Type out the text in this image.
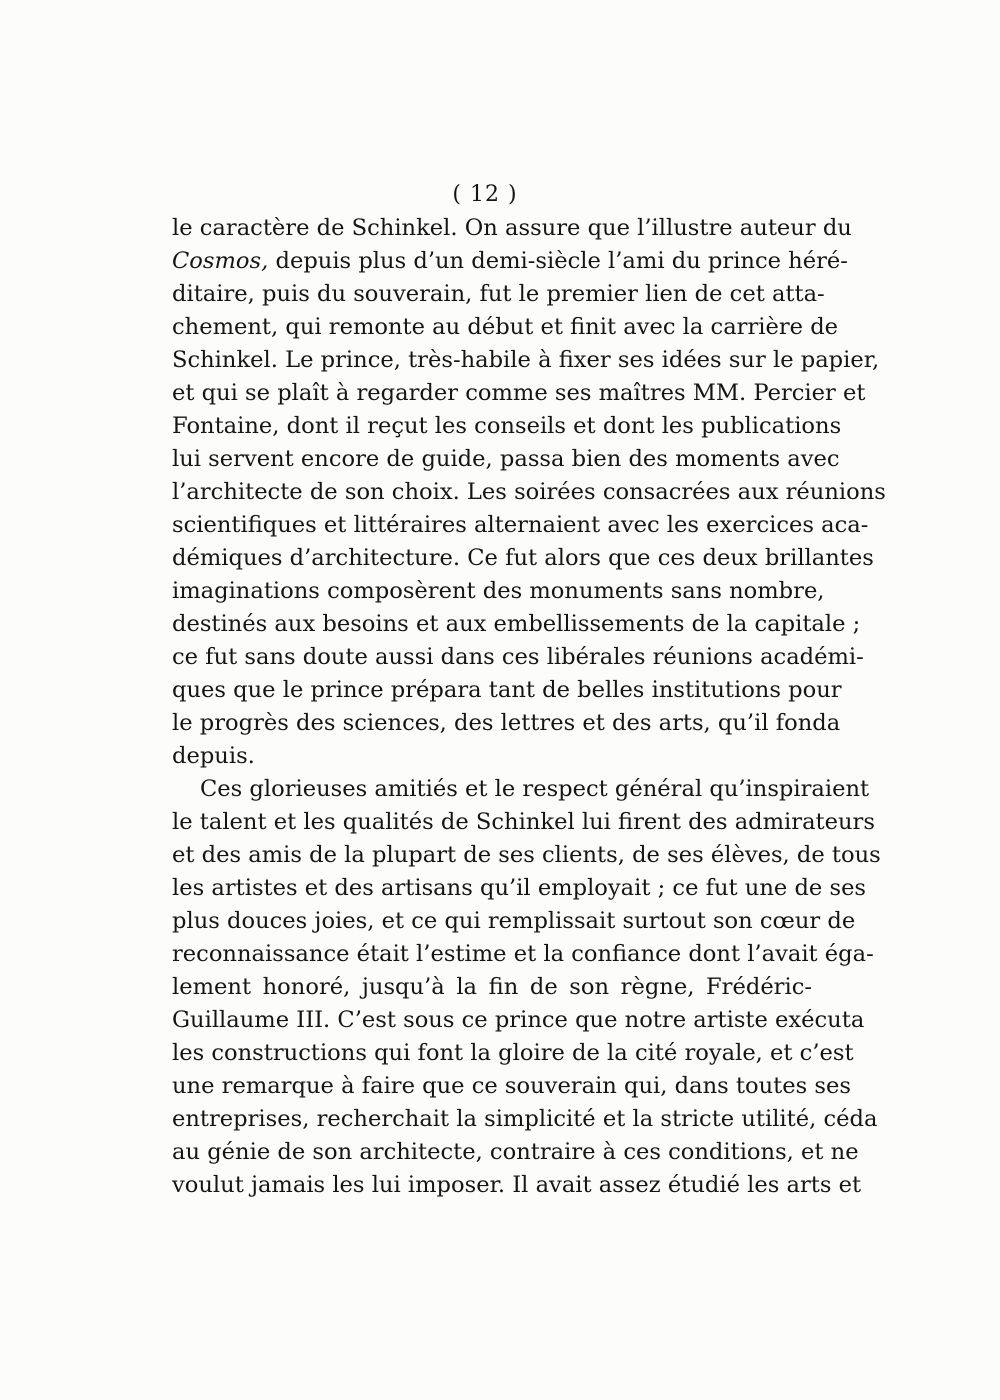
( 12 )
le caractère de Schinkel. On assure que l’illustre auteur du
Cosmos, depuis plus d’un demi-siècle l’ami du prince héré-
ditaire, puis du souverain, fut le premier lien de cet atta-
chement, qui remonte au début et finit avec la carrière de
Schinkel. Le prince, très-habile à fixer ses idées sur le papier,
et qui se plaît à regarder comme ses maîtres MM. Percier et
Fontaine, dont il reçut les conseils et dont les publications
lui servent encore de guide, passa bien des moments avec
l’architecte de son choix. Les soirées consacrées aux réunions
scientifiques et littéraires alternaient avec les exercices aca-
démiques d’architecture. Ce fut alors que ces deux brillantes
imaginations composèrent des monuments sans nombre,
destinés aux besoins et aux embellissements de la capitale ;
ce fut sans doute aussi dans ces libérales réunions académi-
ques que le prince prépara tant de belles institutions pour
le progrès des sciences, des lettres et des arts, qu’il fonda
depuis.
Ces glorieuses amitiés et le respect général qu’inspiraient
le talent et les qualités de Schinkel lui firent des admirateurs
et des amis de la plupart de ses clients, de ses élèves, de tous
les artistes et des artisans qu’il employait ; ce fut une de ses
plus douces joies, et ce qui remplissait surtout son cœur de
reconnaissance était l’estime et la confiance dont l’avait éga-
lement honoré, jusqu’à la fin de son règne, Frédéric-
Guillaume III. C’est sous ce prince que notre artiste exécuta
les constructions qui font la gloire de la cité royale, et c’est
une remarque à faire que ce souverain qui, dans toutes ses
entreprises, recherchait la simplicité et la stricte utilité, céda
au génie de son architecte, contraire à ces conditions, et ne
voulut jamais les lui imposer. Il avait assez étudié les arts et
